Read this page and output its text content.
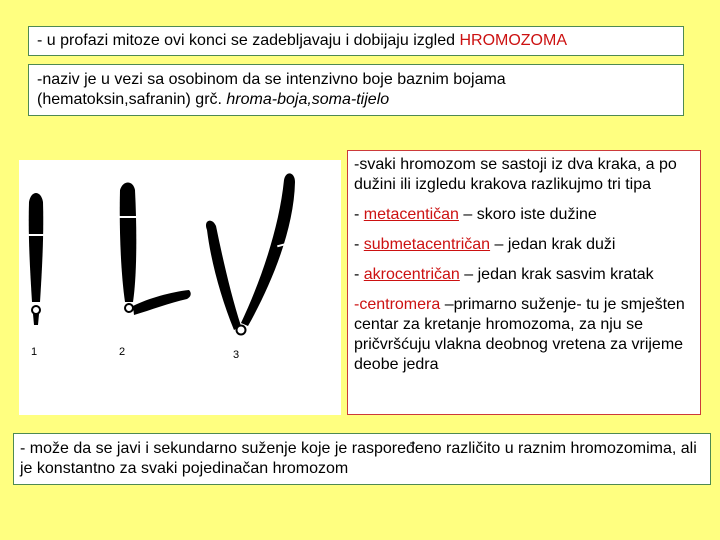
- u profazi mitoze ovi konci se zadebljavaju i dobijaju izgled HROMOZOMA
-naziv je u vezi sa osobinom da se intenzivno boje baznim bojama
(hematoksin,safranin) grč. hroma-boja,soma-tijelo
1	2	3

-svaki hromozom se sastoji iz dva kraka, a po dužini ili izgledu krakova razlikujmo tri tipa

- metacentičan – skoro iste dužine

- submetacentričan – jedan krak duži

- akrocentričan – jedan krak sasvim kratak

-centromera –primarno suženje- tu je smješten centar za kretanje hromozoma, za nju se pričvršćuju vlakna deobnog vretena za vrijeme deobe jedra

- može da se javi i sekundarno suženje koje je raspoređeno različito u raznim hromozomima, ali je konstantno za svaki pojedinačan hromozom
